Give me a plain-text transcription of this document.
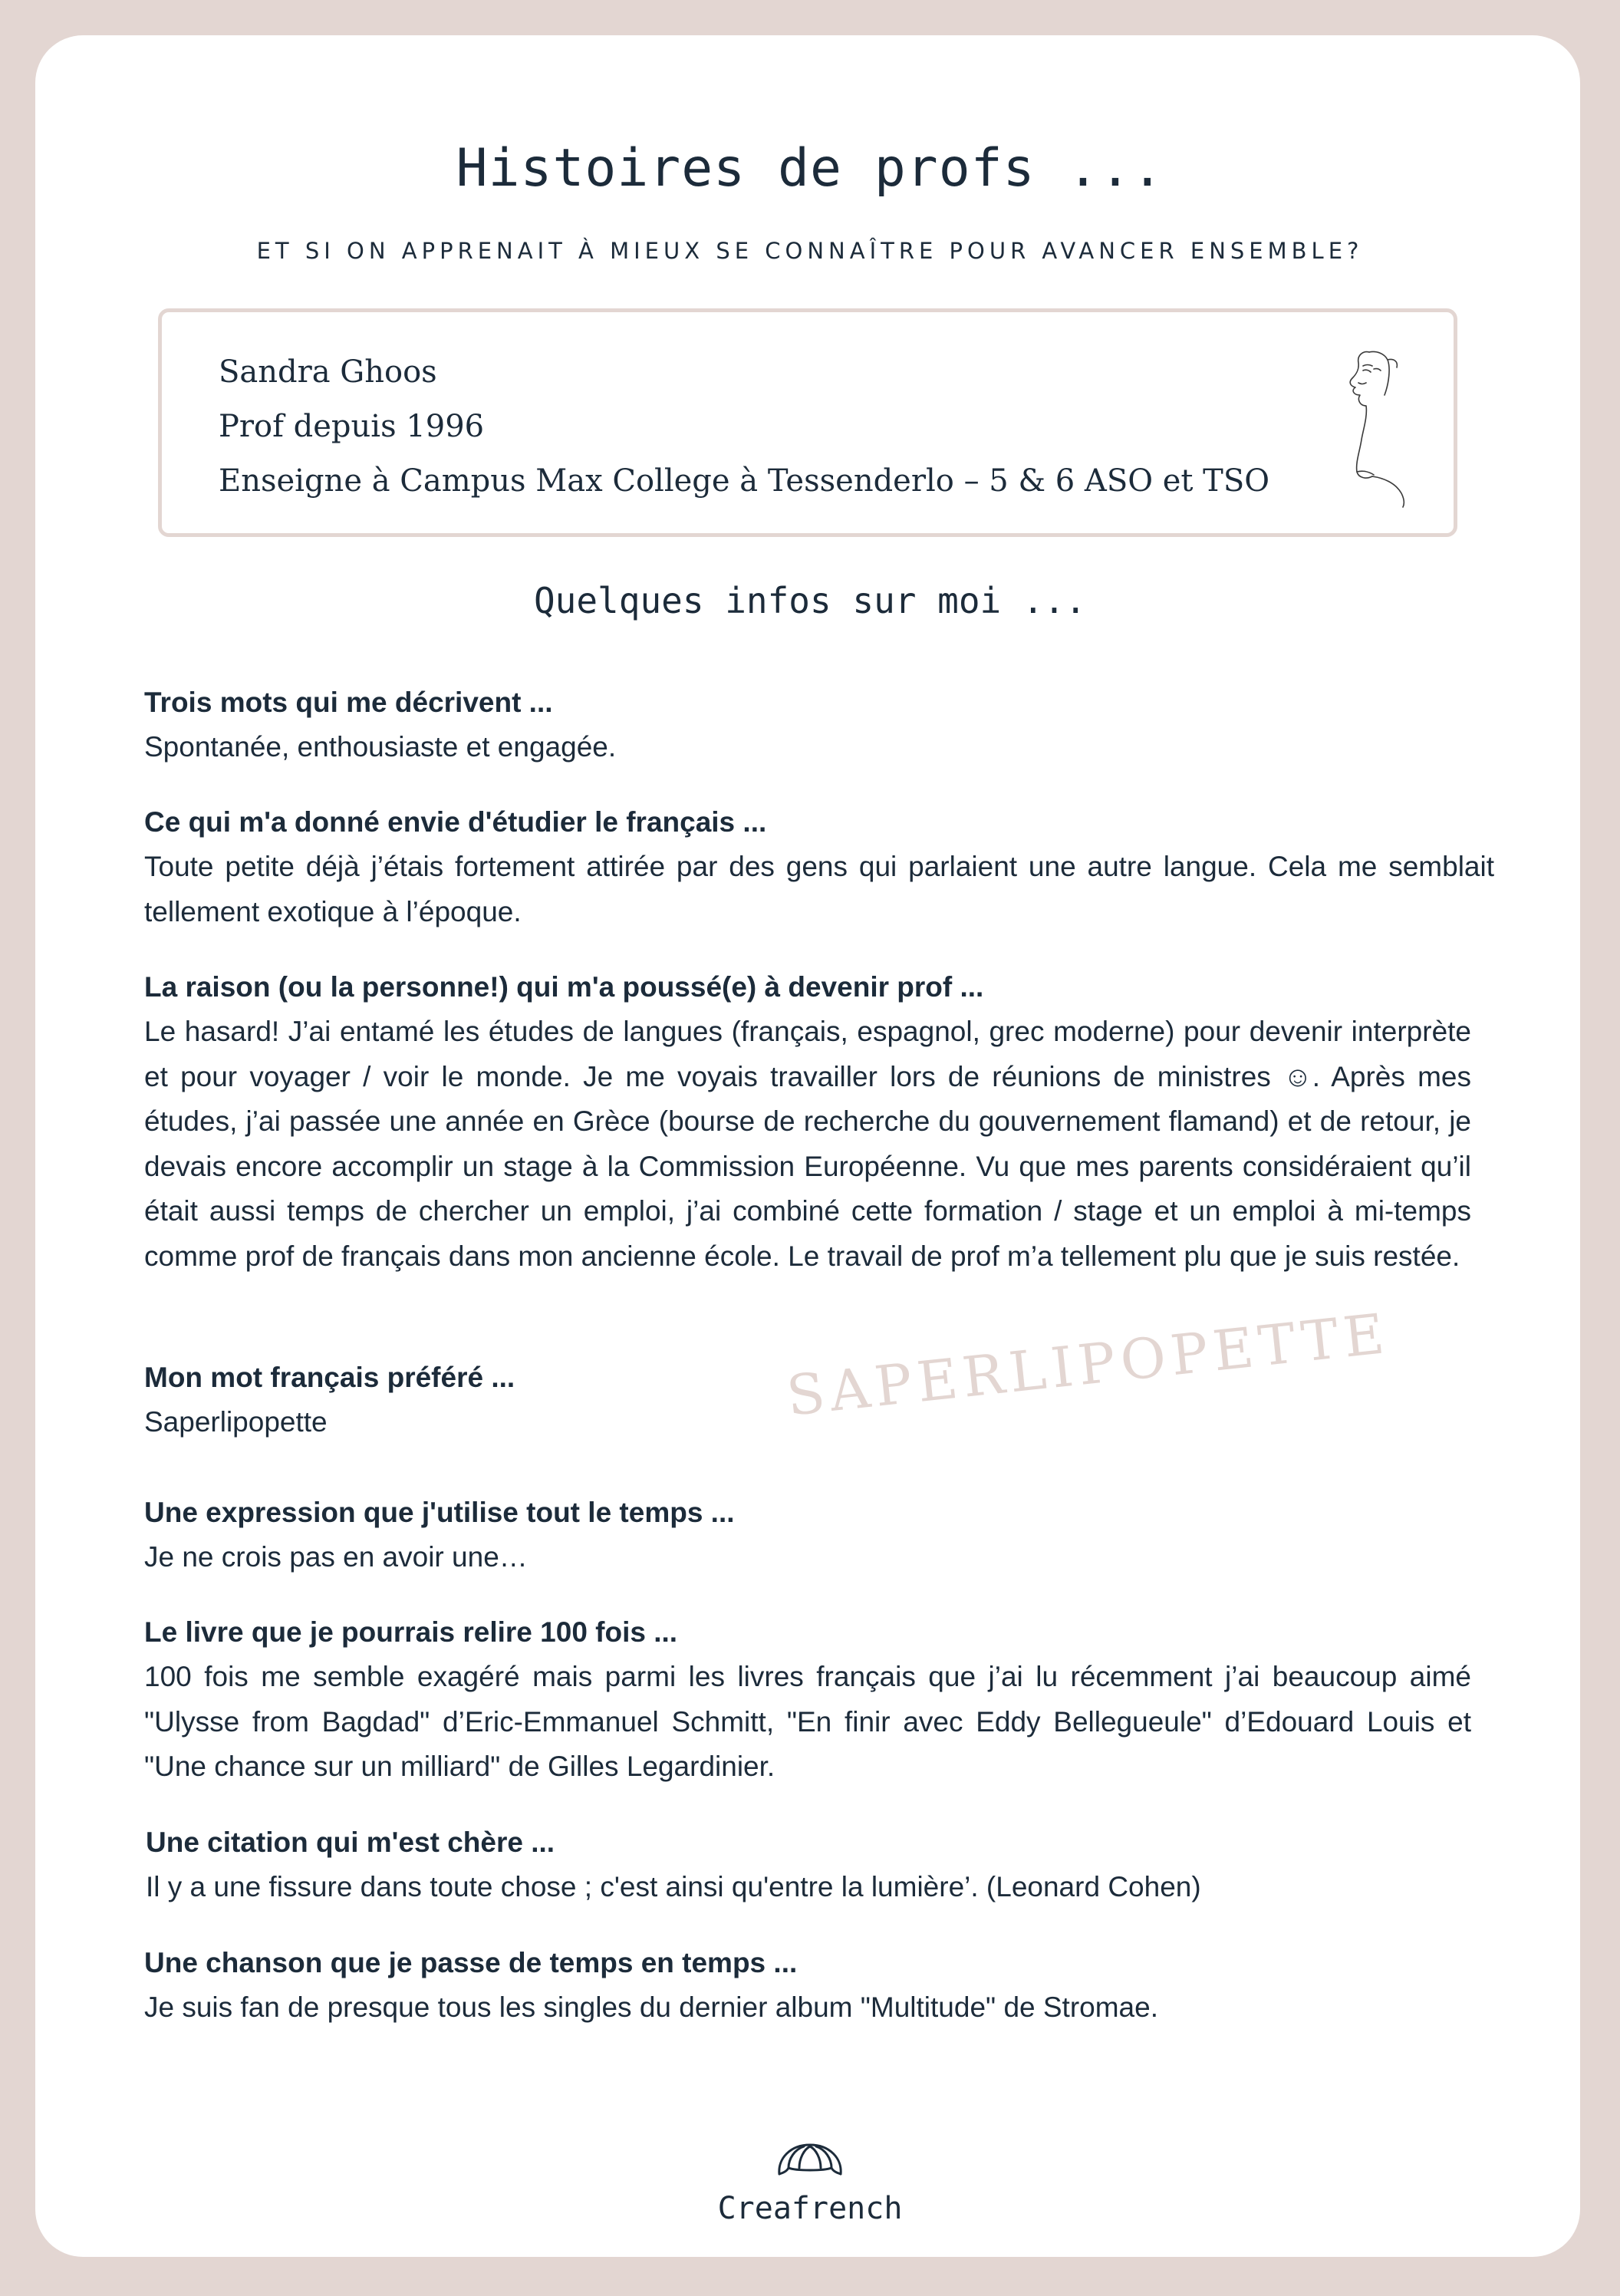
Histoires de profs ...
ET SI ON APPRENAIT À MIEUX SE CONNAÎTRE POUR AVANCER ENSEMBLE?
Sandra Ghoos
Prof depuis 1996
Enseigne à Campus Max College à Tessenderlo – 5 & 6 ASO et TSO
Quelques infos sur moi ...
Trois mots qui me décrivent ...
Spontanée, enthousiaste et engagée.
Ce qui m'a donné envie d'étudier le français ...
Toute petite déjà j’étais fortement attirée par des gens qui parlaient une autre langue. Cela me semblait tellement exotique à l’époque.
La raison (ou la personne!) qui m'a poussé(e) à devenir prof ...
Le hasard! J’ai entamé les études de langues (français, espagnol, grec moderne) pour devenir interprète et pour voyager / voir le monde. Je me voyais travailler lors de réunions de ministres ☺. Après mes études, j’ai passée une année en Grèce (bourse de recherche du gouvernement flamand) et de retour, je devais encore accomplir un stage à la Commission Européenne. Vu que mes parents considéraient qu’il était aussi temps de chercher un emploi, j’ai combiné cette formation / stage et un emploi à mi-temps comme prof de français dans mon ancienne école. Le travail de prof m’a tellement plu que je suis restée.
Mon mot français préféré ...
Saperlipopette	SAPERLIPOPETTE
Une expression que j'utilise tout le temps ...
Je ne crois pas en avoir une…
Le livre que je pourrais relire 100 fois ...
100 fois me semble exagéré mais parmi les livres français que j’ai lu récemment j’ai beaucoup aimé "Ulysse from Bagdad" d’Eric-Emmanuel Schmitt, "En finir avec Eddy Bellegueule" d’Edouard Louis et "Une chance sur un milliard" de Gilles Legardinier.
Une citation qui m'est chère ...
Il y a une fissure dans toute chose ; c'est ainsi qu'entre la lumière’. (Leonard Cohen)
Une chanson que je passe de temps en temps ...
Je suis fan de presque tous les singles du dernier album "Multitude" de Stromae.
Creafrench
